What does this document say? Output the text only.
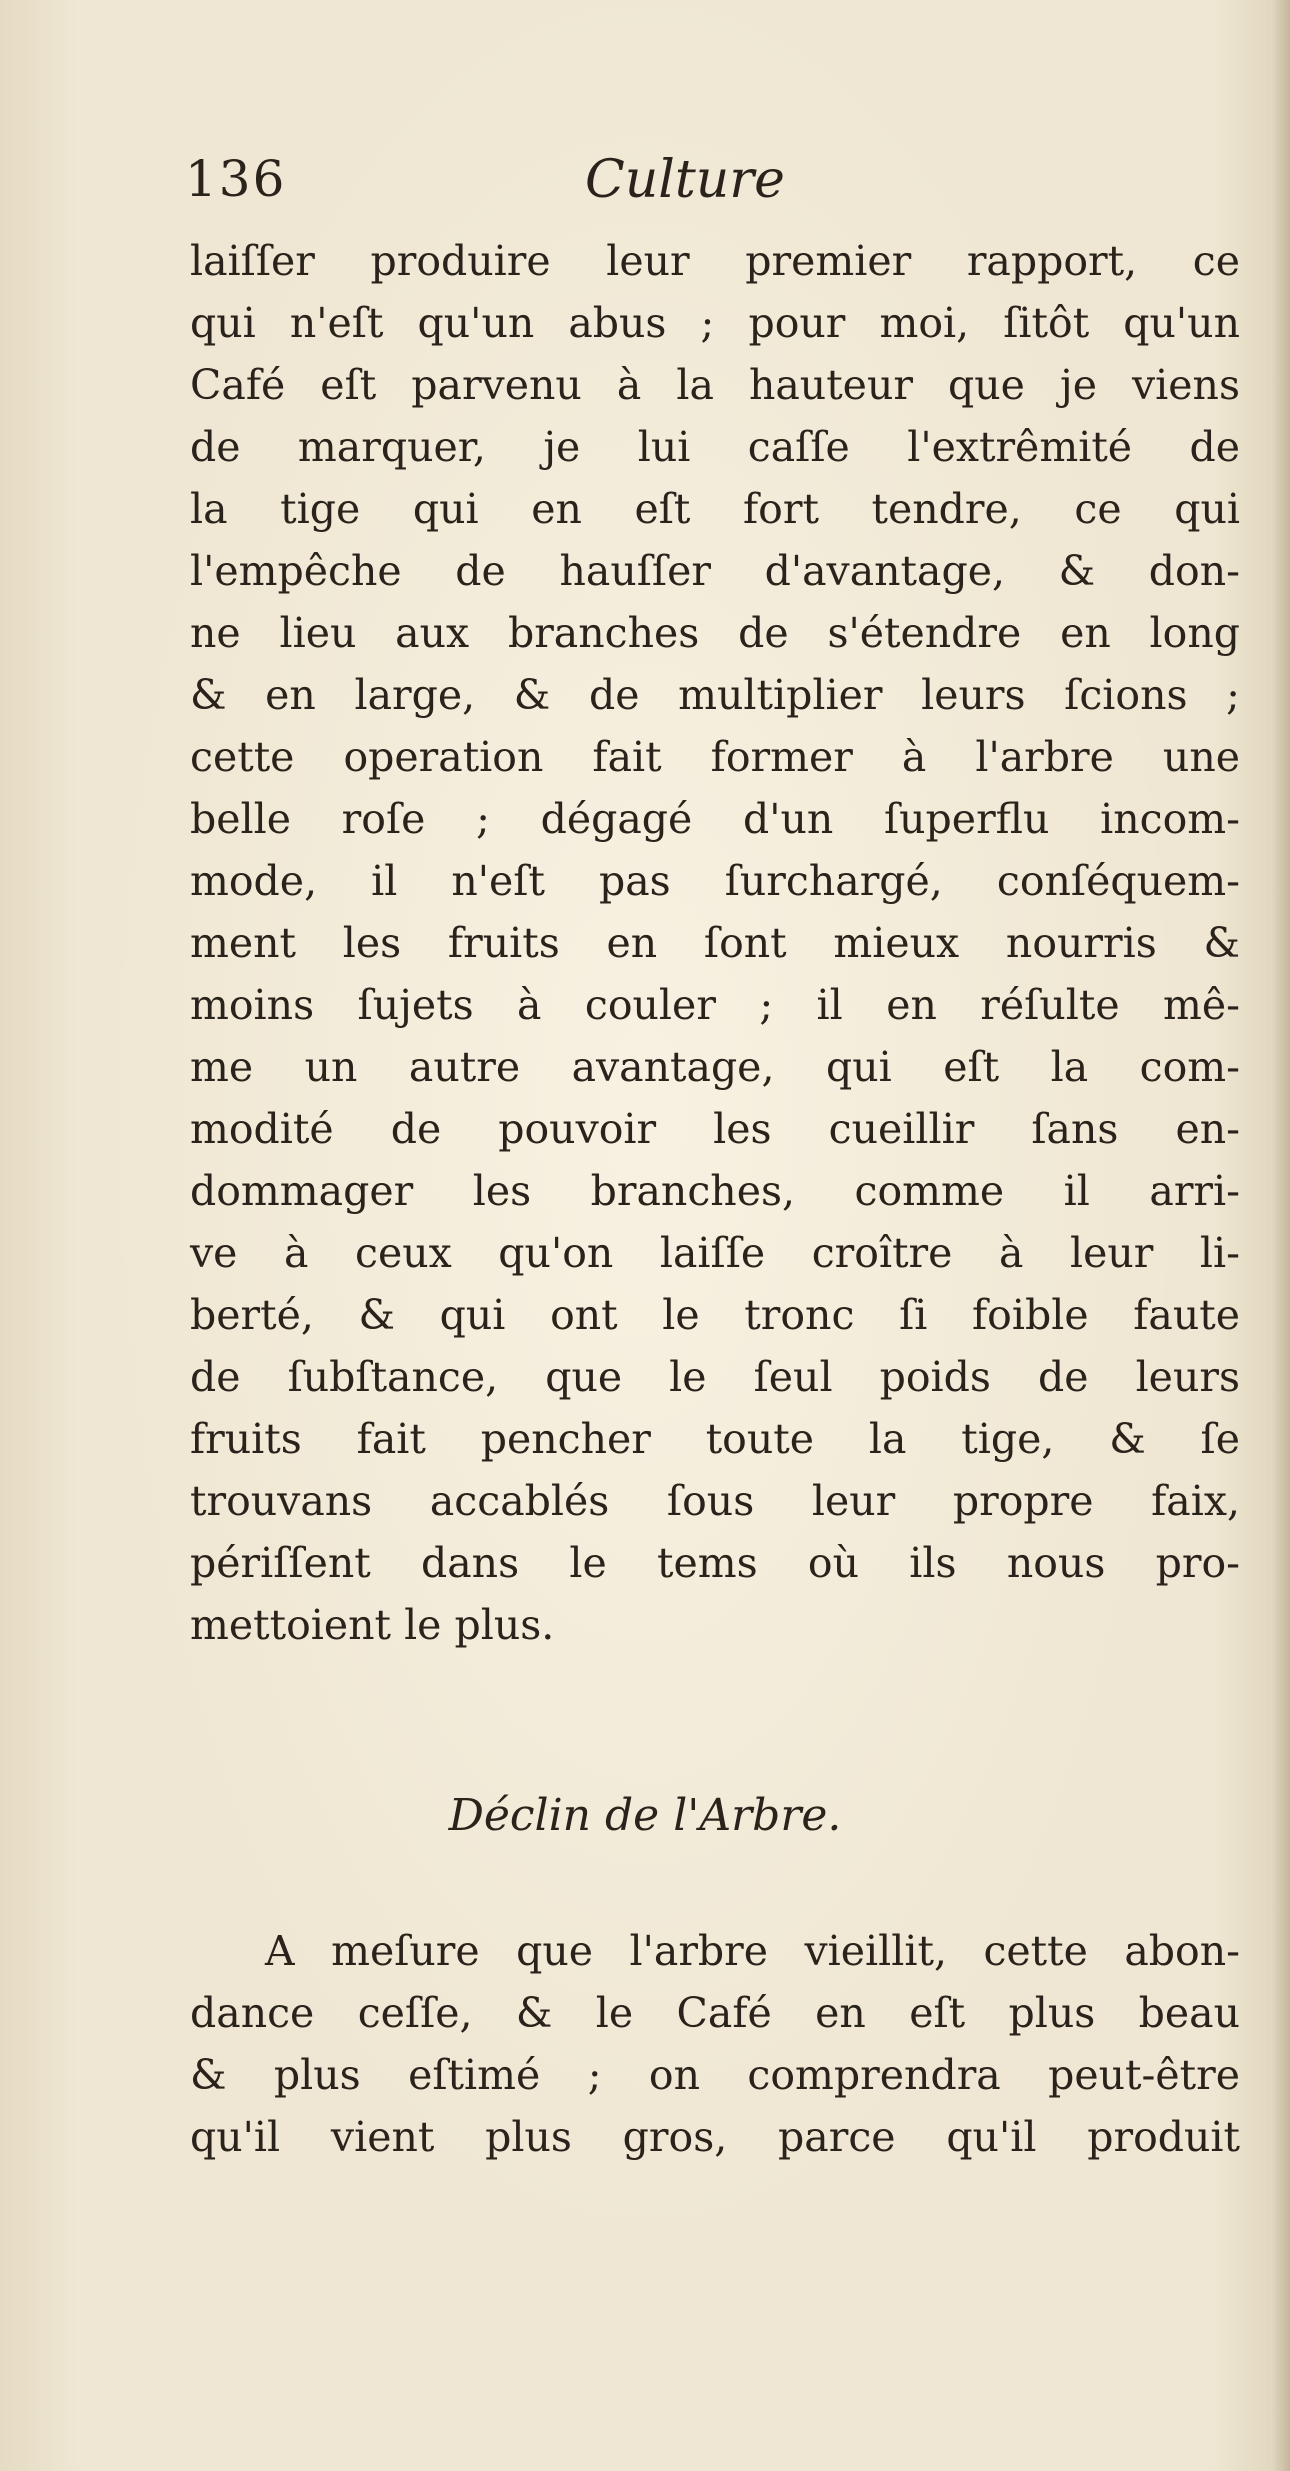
136	Culture
laiſſer produire leur premier rapport, ce
qui n'eſt qu'un abus ; pour moi, ſitôt qu'un
Café eſt parvenu à la hauteur que je viens
de marquer, je lui caſſe l'extrêmité de
la tige qui en eſt fort tendre, ce qui
l'empêche de hauſſer d'avantage, & don-
ne lieu aux branches de s'étendre en long
& en large, & de multiplier leurs ſcions ;
cette operation fait former à l'arbre une
belle roſe ; dégagé d'un ſuperflu incom-
mode, il n'eſt pas ſurchargé, conſéquem-
ment les fruits en ſont mieux nourris &
moins ſujets à couler ; il en réſulte mê-
me un autre avantage, qui eſt la com-
modité de pouvoir les cueillir ſans en-
dommager les branches, comme il arri-
ve à ceux qu'on laiſſe croître à leur li-
berté, & qui ont le tronc ſi foible faute
de ſubſtance, que le ſeul poids de leurs
fruits fait pencher toute la tige, & ſe
trouvans accablés ſous leur propre faix,
périſſent dans le tems où ils nous pro-
mettoient le plus.
Déclin de l'Arbre.
A meſure que l'arbre vieillit, cette abon-
dance ceſſe, & le Café en eſt plus beau
& plus eſtimé ; on comprendra peut-être
qu'il vient plus gros, parce qu'il produit
